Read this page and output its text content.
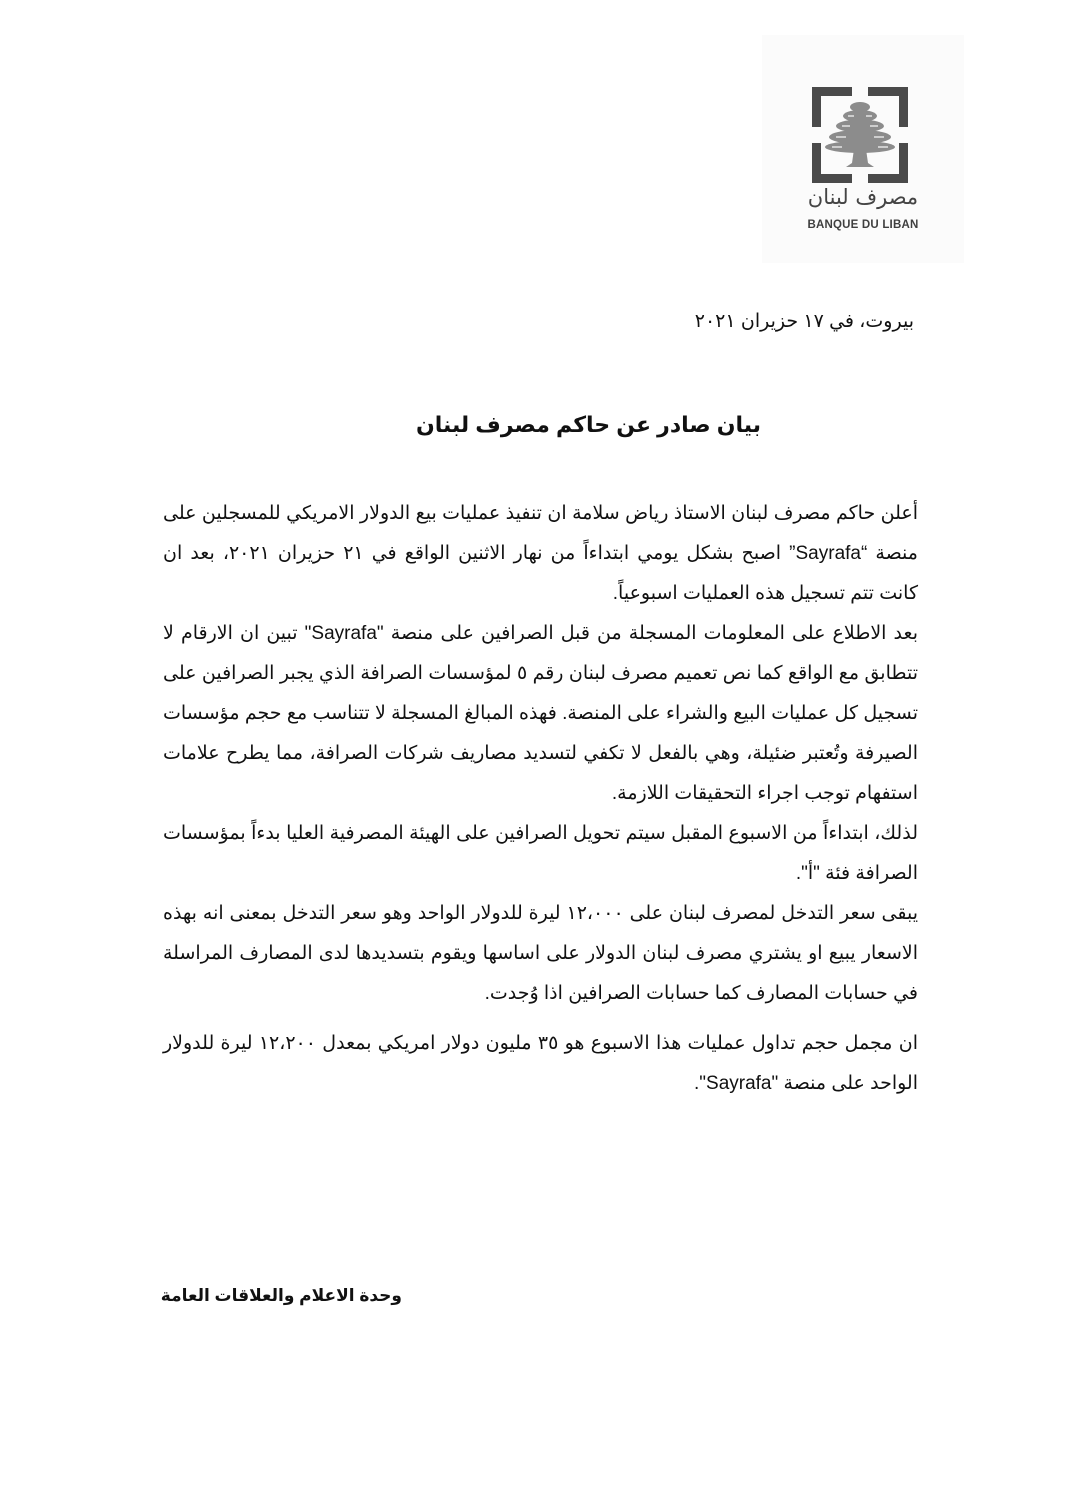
مصرف لبنان
BANQUE DU LIBAN
بيروت، في ١٧ حزيران ٢٠٢١
بيان صادر عن حاكم مصرف لبنان

أعلن حاكم مصرف لبنان الاستاذ رياض سلامة ان تنفيذ عمليات بيع الدولار الامريكي للمسجلين على منصة “Sayrafa” اصبح بشكل يومي ابتداءاً من نهار الاثنين الواقع في ٢١ حزيران ٢٠٢١، بعد ان كانت تتم تسجيل هذه العمليات اسبوعياً.

بعد الاطلاع على المعلومات المسجلة من قبل الصرافين على منصة "Sayrafa" تبين ان الارقام لا تتطابق مع الواقع كما نص تعميم مصرف لبنان رقم ٥ لمؤسسات الصرافة الذي يجبر الصرافين على تسجيل كل عمليات البيع والشراء على المنصة. فهذه المبالغ المسجلة لا تتناسب مع حجم مؤسسات الصيرفة وتُعتبر ضئيلة، وهي بالفعل لا تكفي لتسديد مصاريف شركات الصرافة، مما يطرح علامات استفهام توجب اجراء التحقيقات اللازمة.

لذلك، ابتداءاً من الاسبوع المقبل سيتم تحويل الصرافين على الهيئة المصرفية العليا بدءاً بمؤسسات الصرافة فئة "أ".

يبقى سعر التدخل لمصرف لبنان على ١٢،٠٠٠ ليرة للدولار الواحد وهو سعر التدخل بمعنى انه بهذه الاسعار يبيع او يشتري مصرف لبنان الدولار على اساسها ويقوم بتسديدها لدى المصارف المراسلة في حسابات المصارف كما حسابات الصرافين اذا وُجدت.

ان مجمل حجم تداول عمليات هذا الاسبوع هو ٣٥ مليون دولار امريكي بمعدل ١٢،٢٠٠ ليرة للدولار الواحد على منصة "Sayrafa".

وحدة الاعلام والعلاقات العامة
